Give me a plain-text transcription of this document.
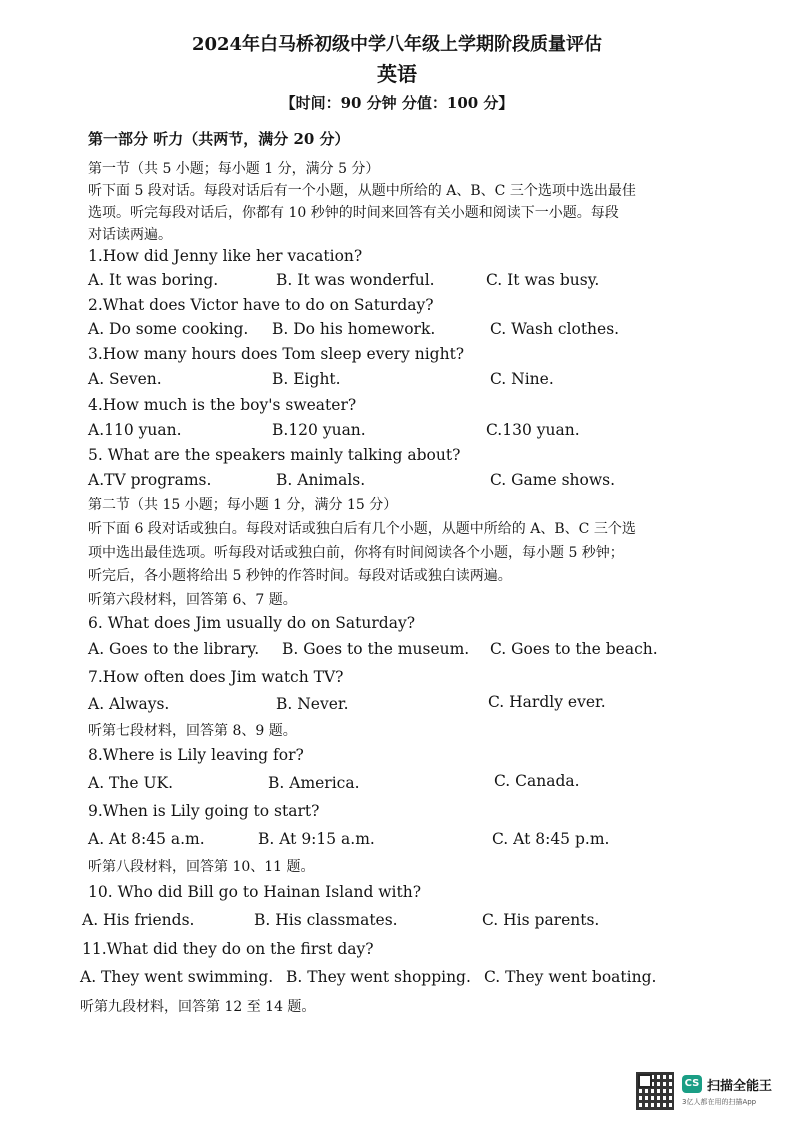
2024年白马桥初级中学八年级上学期阶段质量评估
英语
【时间：90 分钟 分值：100 分】
第一部分 听力（共两节，满分 20 分）
第一节（共 5 小题；每小题 1 分，满分 5 分）
听下面 5 段对话。每段对话后有一个小题，从题中所给的 A、B、C 三个选项中选出最佳
选项。听完每段对话后，你都有 10 秒钟的时间来回答有关小题和阅读下一小题。每段
对话读两遍。
1.How did Jenny like her vacation?
A. It was boring.	B. It was wonderful.	C. It was busy.
2.What does Victor have to do on Saturday?
A. Do some cooking. B. Do his homework.	C. Wash clothes.
3.How many hours does Tom sleep every night?
A. Seven.	B. Eight.	C. Nine.
4.How much is the boy's sweater?
A.110 yuan.	B.120 yuan.	C.130 yuan.
5. What are the speakers mainly talking about?
A.TV programs.	B. Animals.	C. Game shows.
第二节（共 15 小题；每小题 1 分，满分 15 分）
听下面 6 段对话或独白。每段对话或独白后有几个小题，从题中所给的 A、B、C 三个选
项中选出最佳选项。听每段对话或独白前，你将有时间阅读各个小题，每小题 5 秒钟；
听完后，各小题将给出 5 秒钟的作答时间。每段对话或独白读两遍。
听第六段材料，回答第 6、7 题。
6. What does Jim usually do on Saturday?
A. Goes to the library. B. Goes to the museum. C. Goes to the beach.
7.How often does Jim watch TV?
A. Always.	B. Never.	C. Hardly ever.
听第七段材料，回答第 8、9 题。
8.Where is Lily leaving for?
A. The UK.	B. America.	C. Canada.
9.When is Lily going to start?
A. At 8:45 a.m.	B. At 9:15 a.m.	C. At 8:45 p.m.
听第八段材料，回答第 10、11 题。
10. Who did Bill go to Hainan Island with?
A. His friends.	B. His classmates.	C. His parents.
11.What did they do on the first day?
A. They went swimming. B. They went shopping. C. They went boating.
听第九段材料，回答第 12 至 14 题。
CS 扫描全能王
3亿人都在用的扫描App
